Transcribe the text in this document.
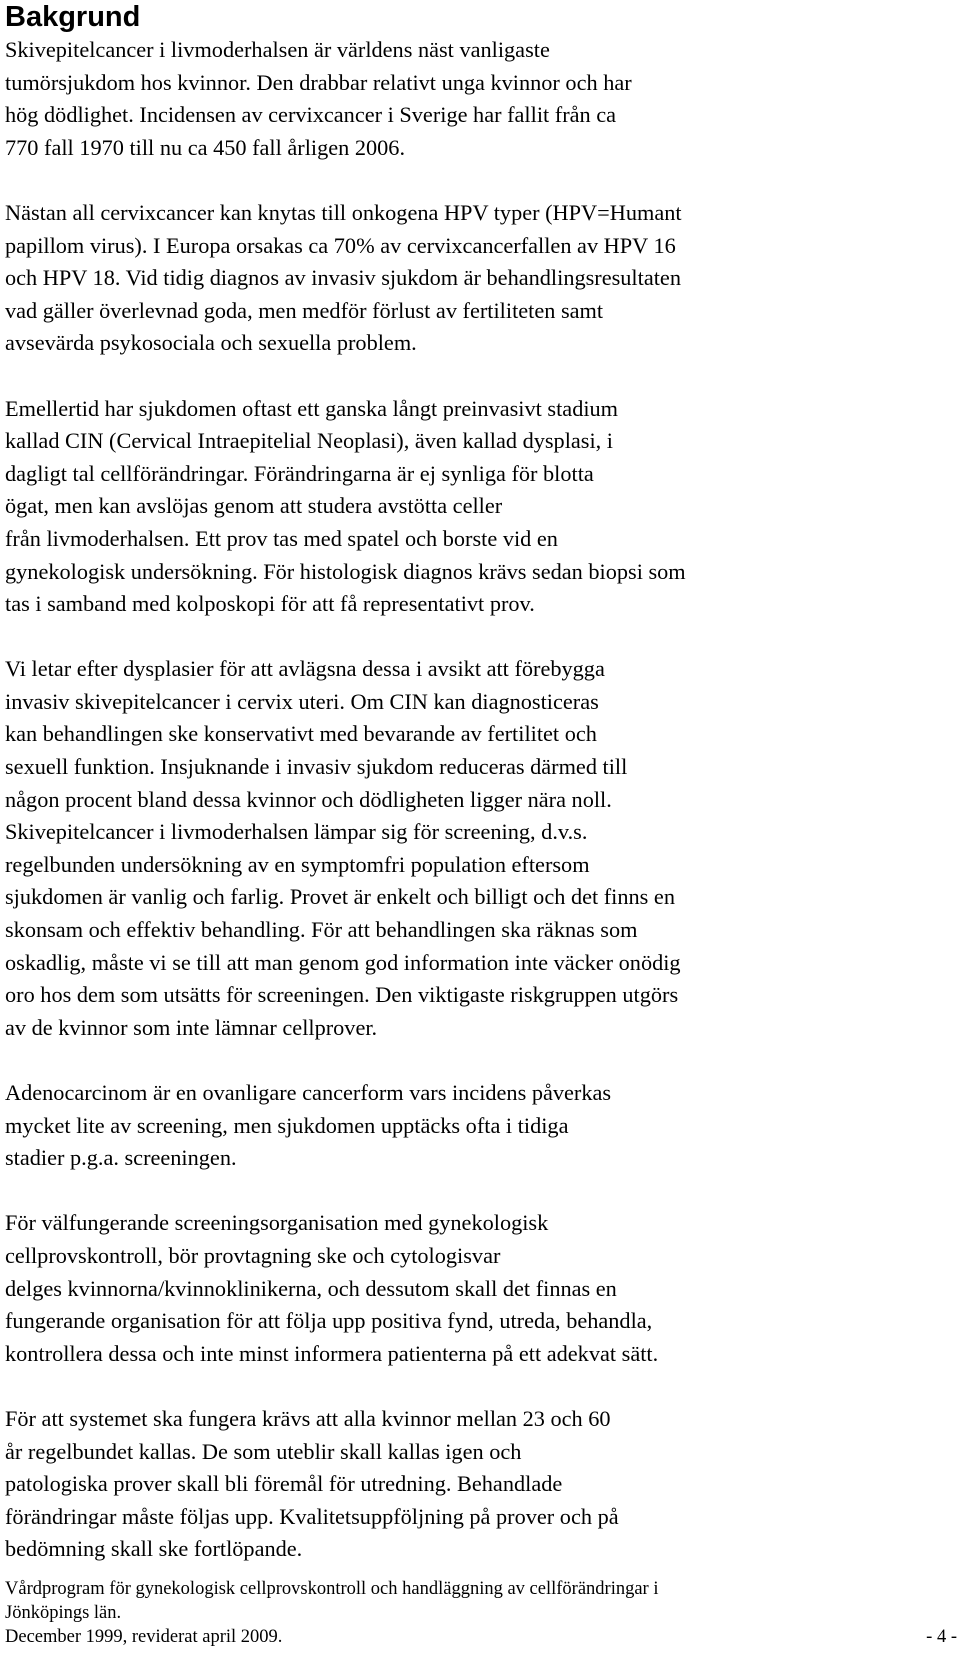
Bakgrund
Skivepitelcancer i livmoderhalsen är världens näst vanligaste
tumörsjukdom hos kvinnor. Den drabbar relativt unga kvinnor och har
hög dödlighet. Incidensen av cervixcancer i Sverige har fallit från ca
770 fall 1970 till nu ca 450 fall årligen 2006.
Nästan all cervixcancer kan knytas till onkogena HPV typer (HPV=Humant
papillom virus). I Europa orsakas ca 70% av cervixcancerfallen av HPV 16
och HPV 18. Vid tidig diagnos av invasiv sjukdom är behandlingsresultaten
vad gäller överlevnad goda, men medför förlust av fertiliteten samt
avsevärda psykosociala och sexuella problem.
Emellertid har sjukdomen oftast ett ganska långt preinvasivt stadium
kallad CIN (Cervical Intraepitelial Neoplasi), även kallad dysplasi, i
dagligt tal cellförändringar. Förändringarna är ej synliga för blotta
ögat, men kan avslöjas genom att studera avstötta celler
från livmoderhalsen. Ett prov tas med spatel och borste vid en
gynekologisk undersökning. För histologisk diagnos krävs sedan biopsi som
tas i samband med kolposkopi för att få representativt prov.
Vi letar efter dysplasier för att avlägsna dessa i avsikt att förebygga
invasiv skivepitelcancer i cervix uteri. Om CIN kan diagnosticeras
kan behandlingen ske konservativt med bevarande av fertilitet och
sexuell funktion. Insjuknande i invasiv sjukdom reduceras därmed till
någon procent bland dessa kvinnor och dödligheten ligger nära noll.
Skivepitelcancer i livmoderhalsen lämpar sig för screening, d.v.s.
regelbunden undersökning av en symptomfri population eftersom
sjukdomen är vanlig och farlig. Provet är enkelt och billigt och det finns en
skonsam och effektiv behandling. För att behandlingen ska räknas som
oskadlig, måste vi se till att man genom god information inte väcker onödig
oro hos dem som utsätts för screeningen. Den viktigaste riskgruppen utgörs
av de kvinnor som inte lämnar cellprover.
Adenocarcinom är en ovanligare cancerform vars incidens påverkas
mycket lite av screening, men sjukdomen upptäcks ofta i tidiga
stadier p.g.a. screeningen.
För välfungerande screeningsorganisation med gynekologisk
cellprovskontroll, bör provtagning ske och cytologisvar
delges kvinnorna/kvinnoklinikerna, och dessutom skall det finnas en
fungerande organisation för att följa upp positiva fynd, utreda, behandla,
kontrollera dessa och inte minst informera patienterna på ett adekvat sätt.
För att systemet ska fungera krävs att alla kvinnor mellan 23 och 60
år regelbundet kallas. De som uteblir skall kallas igen och
patologiska prover skall bli föremål för utredning. Behandlade
förändringar måste följas upp. Kvalitetsuppföljning på prover och på
bedömning skall ske fortlöpande.
Vårdprogram för gynekologisk cellprovskontroll och handläggning av cellförändringar i
Jönköpings län.
December 1999, reviderat april 2009.	- 4 -
